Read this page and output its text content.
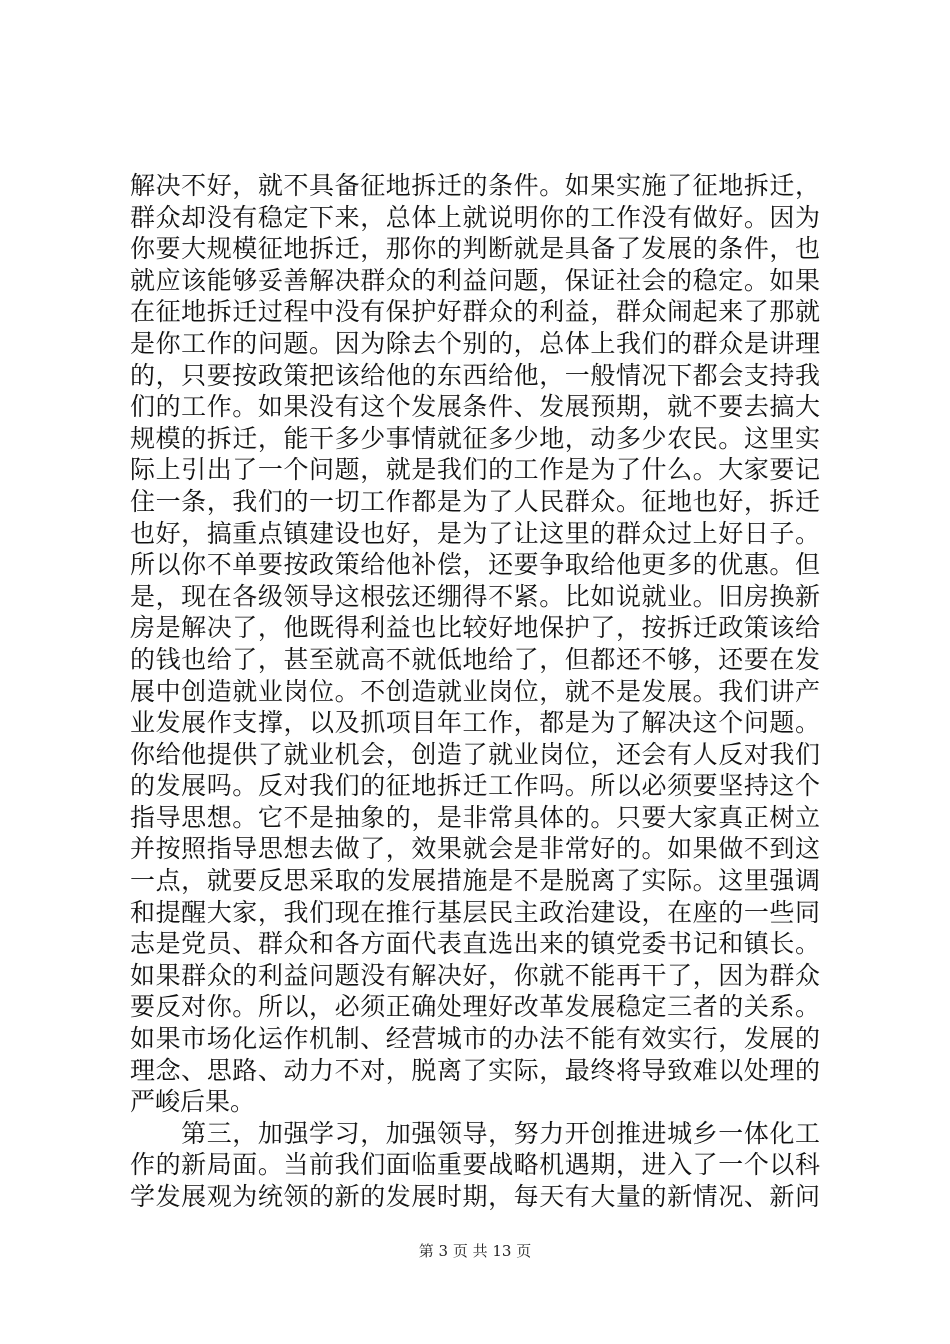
解决不好，就不具备征地拆迁的条件。如果实施了征地拆迁，
群众却没有稳定下来，总体上就说明你的工作没有做好。因为
你要大规模征地拆迁，那你的判断就是具备了发展的条件，也
就应该能够妥善解决群众的利益问题，保证社会的稳定。如果
在征地拆迁过程中没有保护好群众的利益，群众闹起来了那就
是你工作的问题。因为除去个别的，总体上我们的群众是讲理
的，只要按政策把该给他的东西给他，一般情况下都会支持我
们的工作。如果没有这个发展条件、发展预期，就不要去搞大
规模的拆迁，能干多少事情就征多少地，动多少农民。这里实
际上引出了一个问题，就是我们的工作是为了什么。大家要记
住一条，我们的一切工作都是为了人民群众。征地也好，拆迁
也好，搞重点镇建设也好，是为了让这里的群众过上好日子。
所以你不单要按政策给他补偿，还要争取给他更多的优惠。但
是，现在各级领导这根弦还绷得不紧。比如说就业。旧房换新
房是解决了，他既得利益也比较好地保护了，按拆迁政策该给
的钱也给了，甚至就高不就低地给了，但都还不够，还要在发
展中创造就业岗位。不创造就业岗位，就不是发展。我们讲产
业发展作支撑，以及抓项目年工作，都是为了解决这个问题。
你给他提供了就业机会，创造了就业岗位，还会有人反对我们
的发展吗。反对我们的征地拆迁工作吗。所以必须要坚持这个
指导思想。它不是抽象的，是非常具体的。只要大家真正树立
并按照指导思想去做了，效果就会是非常好的。如果做不到这
一点，就要反思采取的发展措施是不是脱离了实际。这里强调
和提醒大家，我们现在推行基层民主政治建设，在座的一些同
志是党员、群众和各方面代表直选出来的镇党委书记和镇长。
如果群众的利益问题没有解决好，你就不能再干了，因为群众
要反对你。所以，必须正确处理好改革发展稳定三者的关系。
如果市场化运作机制、经营城市的办法不能有效实行，发展的
理念、思路、动力不对，脱离了实际，最终将导致难以处理的
严峻后果。
　　第三，加强学习，加强领导，努力开创推进城乡一体化工
作的新局面。当前我们面临重要战略机遇期，进入了一个以科
学发展观为统领的新的发展时期，每天有大量的新情况、新问
第 3 页 共 13 页
